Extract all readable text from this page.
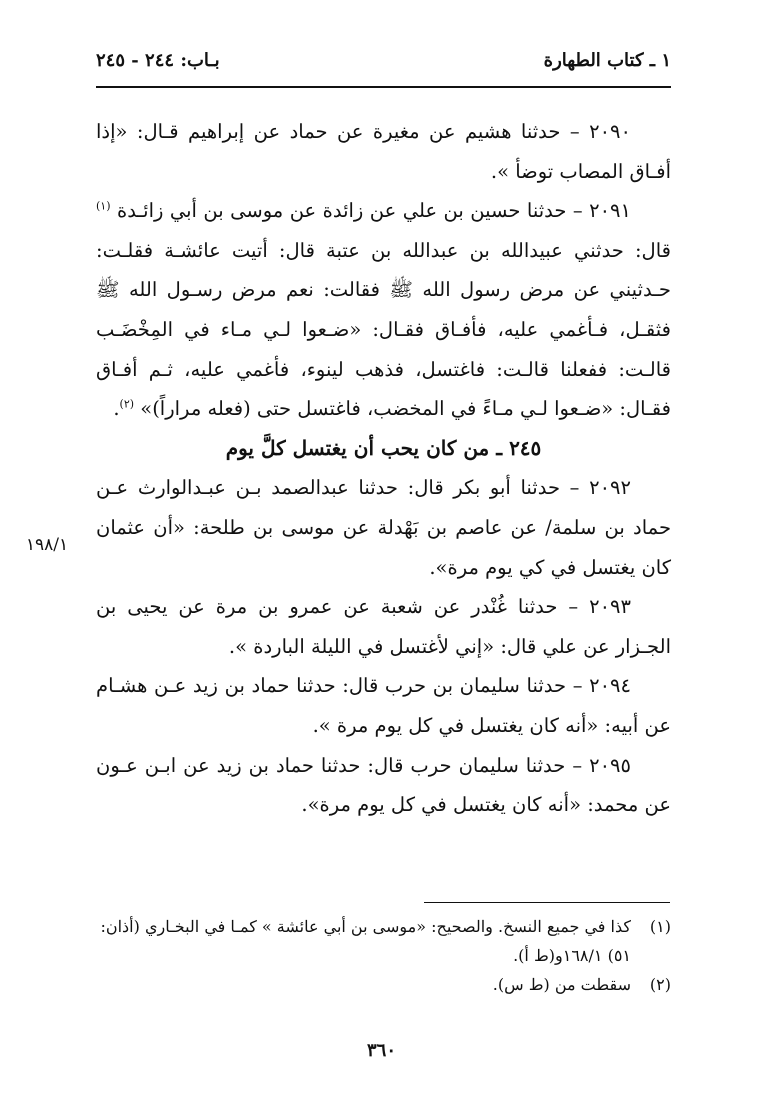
١ ـ كتاب الطهارة
بـاب: ٢٤٤ - ٢٤٥
١٩٨/١

٢٠٩٠ – حدثنا هشيم عن مغيرة عن حماد عن إبراهيم قـال: «إذا أفـاق المصاب توضأ ».

٢٠٩١ – حدثنا حسين بن علي عن زائدة عن موسى بن أبي زائـدة $^{(١)}$ قال: حدثني عبيدالله بن عبدالله بن عتبة قال: أتيت عائشـة فقلـت: حـدثيني عن مرض رسول الله ﷺ فقالت: نعم مرض رسـول الله ﷺ فثقـل، فـأغمي عليه، فأفـاق فقـال: «ضـعوا لـي مـاء في المِخْضَـب قالـت: ففعلنا قالـت: فاغتسل، فذهب لينوء، فأغمي عليه، ثـم أفـاق فقـال: «ضـعوا لـي مـاءً في المخضب، فاغتسل حتى (فعله مراراً)» $^{(٢)}$.

٢٤٥ ـ من كان يحب أن يغتسل كلَّ يوم

٢٠٩٢ – حدثنا أبو بكر قال: حدثنا عبدالصمد بـن عبـدالوارث عـن حماد بن سلمة/ عن عاصم بن بَهْدلة عن موسى بن طلحة: «أن عثمان كان يغتسل في كي يوم مرة».

٢٠٩٣ – حدثنا غُنْدر عن شعبة عن عمرو بن مرة عن يحيى بن الجـزار عن علي قال: «إني لأغتسل في الليلة الباردة ».

٢٠٩٤ – حدثنا سليمان بن حرب قال: حدثنا حماد بن زيد عـن هشـام عن أبيه: «أنه كان يغتسل في كل يوم مرة ».

٢٠٩٥ – حدثنا سليمان حرب قال: حدثنا حماد بن زيد عن ابـن عـون عن محمد: «أنه كان يغتسل في كل يوم مرة».

(١)
كذا في جميع النسخ. والصحيح: «موسى بن أبي عائشة » كمـا في البخـاري (أذان: ٥١) ١٦٨/١و(ط أ).
(٢)
سقطت من (ط س).
٣٦٠
